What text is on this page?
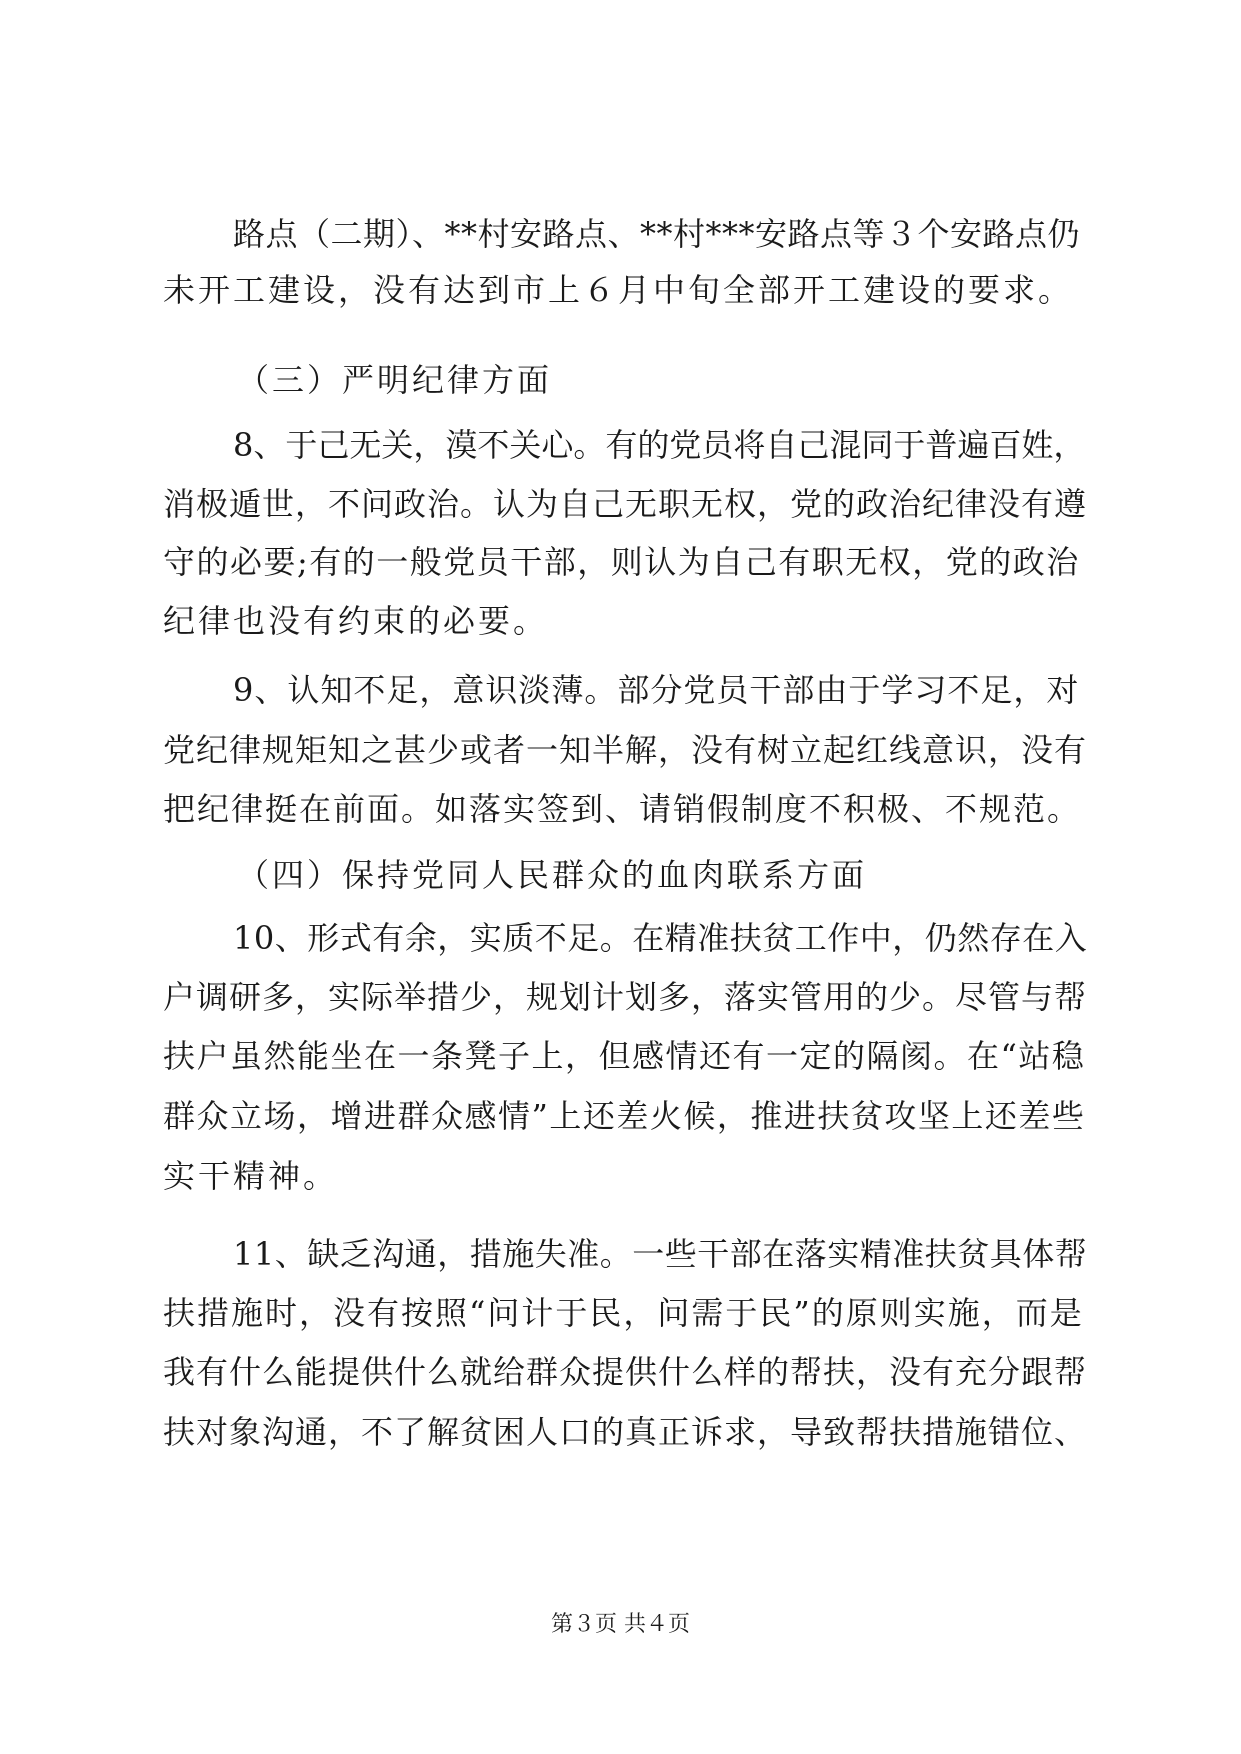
路点（二期）、**村安路点、**村***安路点等３个安路点仍
未开工建设，没有达到市上６月中旬全部开工建设的要求。
（三）严明纪律方面
8、于己无关，漠不关心。有的党员将自己混同于普遍百姓，
消极遁世，不问政治。认为自己无职无权，党的政治纪律没有遵
守的必要;有的一般党员干部，则认为自己有职无权，党的政治
纪律也没有约束的必要。
9、认知不足，意识淡薄。部分党员干部由于学习不足，对
党纪律规矩知之甚少或者一知半解，没有树立起红线意识，没有
把纪律挺在前面。如落实签到、请销假制度不积极、不规范。
（四）保持党同人民群众的血肉联系方面
10、形式有余，实质不足。在精准扶贫工作中，仍然存在入
户调研多，实际举措少，规划计划多，落实管用的少。尽管与帮
扶户虽然能坐在一条凳子上，但感情还有一定的隔阂。在“站稳
群众立场，增进群众感情”上还差火候，推进扶贫攻坚上还差些
实干精神。
11、缺乏沟通，措施失准。一些干部在落实精准扶贫具体帮
扶措施时，没有按照“问计于民，问需于民”的原则实施，而是
我有什么能提供什么就给群众提供什么样的帮扶，没有充分跟帮
扶对象沟通，不了解贫困人口的真正诉求，导致帮扶措施错位、
第３页 共４页
